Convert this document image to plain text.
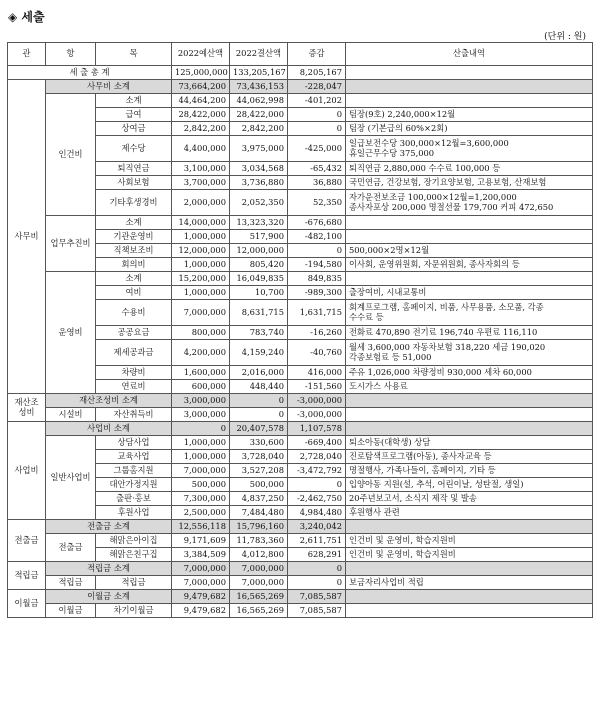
◈ 세출
(단위 : 원)
관	항	목	2022예산액	2022결산액	증감	산출내역
세 출 총 계			125,000,000	133,205,167	8,205,167	
사무비	사무비 소계		73,664,200	73,436,153	-228,047	
	인건비	소계	44,464,200	44,062,998	-401,202	
		급여	28,422,000	28,422,000	0	팀장(9호) 2,240,000×12월
		상여금	2,842,200	2,842,200	0	팀장 (기본급의 60%×2회)
		제수당	4,400,000	3,975,000	-425,000	일급보전수당 300,000×12월=3,600,000
휴일근무수당 375,000

		퇴직연금	3,100,000	3,034,568	-65,432	퇴직연금 2,880,000 수수료 100,000 등
		사회보험	3,700,000	3,736,880	36,880	국민연금, 건강보험, 장기요양보험, 고용보험, 산재보험
		기타후생경비	2,000,000	2,052,350	52,350	자가운전보조금 100,000×12월=1,200,000
종사자포상 200,000 명절선물 179,700 커피 472,650

	업무추진비	소계	14,000,000	13,323,320	-676,680	
		기관운영비	1,000,000	517,900	-482,100	
		직책보조비	12,000,000	12,000,000	0	500,000×2명×12월
		회의비	1,000,000	805,420	-194,580	이사회, 운영위원회, 자문위원회, 종사자회의 등
	운영비	소계	15,200,000	16,049,835	849,835	
		여비	1,000,000	10,700	-989,300	출장여비, 시내교통비
		수용비	7,000,000	8,631,715	1,631,715	회계프로그램, 홈페이지, 비품, 사무용품, 소모품, 각종
수수료 등

		공공요금	800,000	783,740	-16,260	전화료 470,890 전기료 196,740 우편료 116,110
		제세공과금	4,200,000	4,159,240	-40,760	월세 3,600,000 자동차보험 318,220 세금 190,020
각종보험료 등 51,000

		차량비	1,600,000	2,016,000	416,000	주유 1,026,000 차량정비 930,000 세차 60,000
		연료비	600,000	448,440	-151,560	도시가스 사용료
재산조성비	재산조성비 소계		3,000,000	0	-3,000,000	
	시설비	자산취득비	3,000,000	0	-3,000,000	
사업비	사업비 소계		0	20,407,578	1,107,578	
	일반사업비	상담사업	1,000,000	330,600	-669,400	퇴소아동(대학생) 상담
		교육사업	1,000,000	3,728,040	2,728,040	진로탐색프로그램(아동), 종사자교육 등
		그룹홈지원	7,000,000	3,527,208	-3,472,792	명절행사, 가족나들이, 홈페이지, 기타 등
		대안가정지원	500,000	500,000	0	입양아동 지원(설, 추석, 어린이날, 성탄절, 생일)
		출판·홍보	7,300,000	4,837,250	-2,462,750	20주년보고서, 소식지 제작 및 발송
		후원사업	2,500,000	7,484,480	4,984,480	후원행사 관련
전출금	전출금 소계		12,556,118	15,796,160	3,240,042	
	전출금	해맑은아이집	9,171,609	11,783,360	2,611,751	인건비 및 운영비, 학습지원비
		해맑은친구집	3,384,509	4,012,800	628,291	인건비 및 운영비, 학습지원비
적립금	적립금 소계		7,000,000	7,000,000	0	
	적립금	적립금	7,000,000	7,000,000	0	보금자리사업비 적립
이월금	이월금 소계		9,479,682	16,565,269	7,085,587	
	이월금	차기이월금	9,479,682	16,565,269	7,085,587	
